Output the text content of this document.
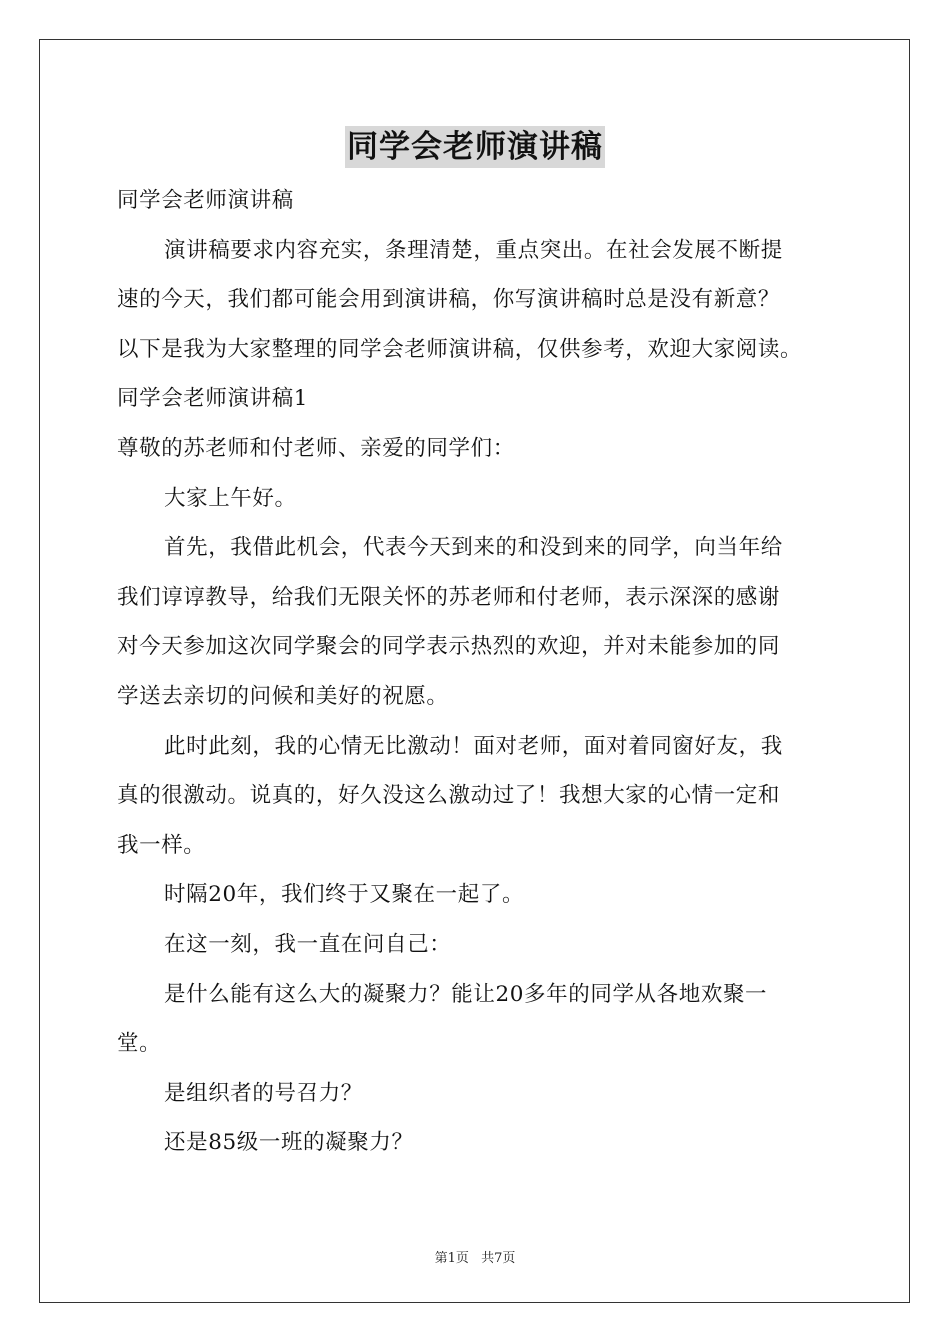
同学会老师演讲稿
同学会老师演讲稿
演讲稿要求内容充实，条理清楚，重点突出。在社会发展不断提
速的今天，我们都可能会用到演讲稿，你写演讲稿时总是没有新意？
以下是我为大家整理的同学会老师演讲稿，仅供参考，欢迎大家阅读。
同学会老师演讲稿1
尊敬的苏老师和付老师、亲爱的同学们：
大家上午好。
首先，我借此机会，代表今天到来的和没到来的同学，向当年给
我们谆谆教导，给我们无限关怀的苏老师和付老师，表示深深的感谢
对今天参加这次同学聚会的同学表示热烈的欢迎，并对未能参加的同
学送去亲切的问候和美好的祝愿。
此时此刻，我的心情无比激动！面对老师，面对着同窗好友，我
真的很激动。说真的，好久没这么激动过了！我想大家的心情一定和
我一样。
时隔20年，我们终于又聚在一起了。
在这一刻，我一直在问自己：
是什么能有这么大的凝聚力？能让20多年的同学从各地欢聚一
堂。
是组织者的号召力？
还是85级一班的凝聚力？
第1页 共7页
